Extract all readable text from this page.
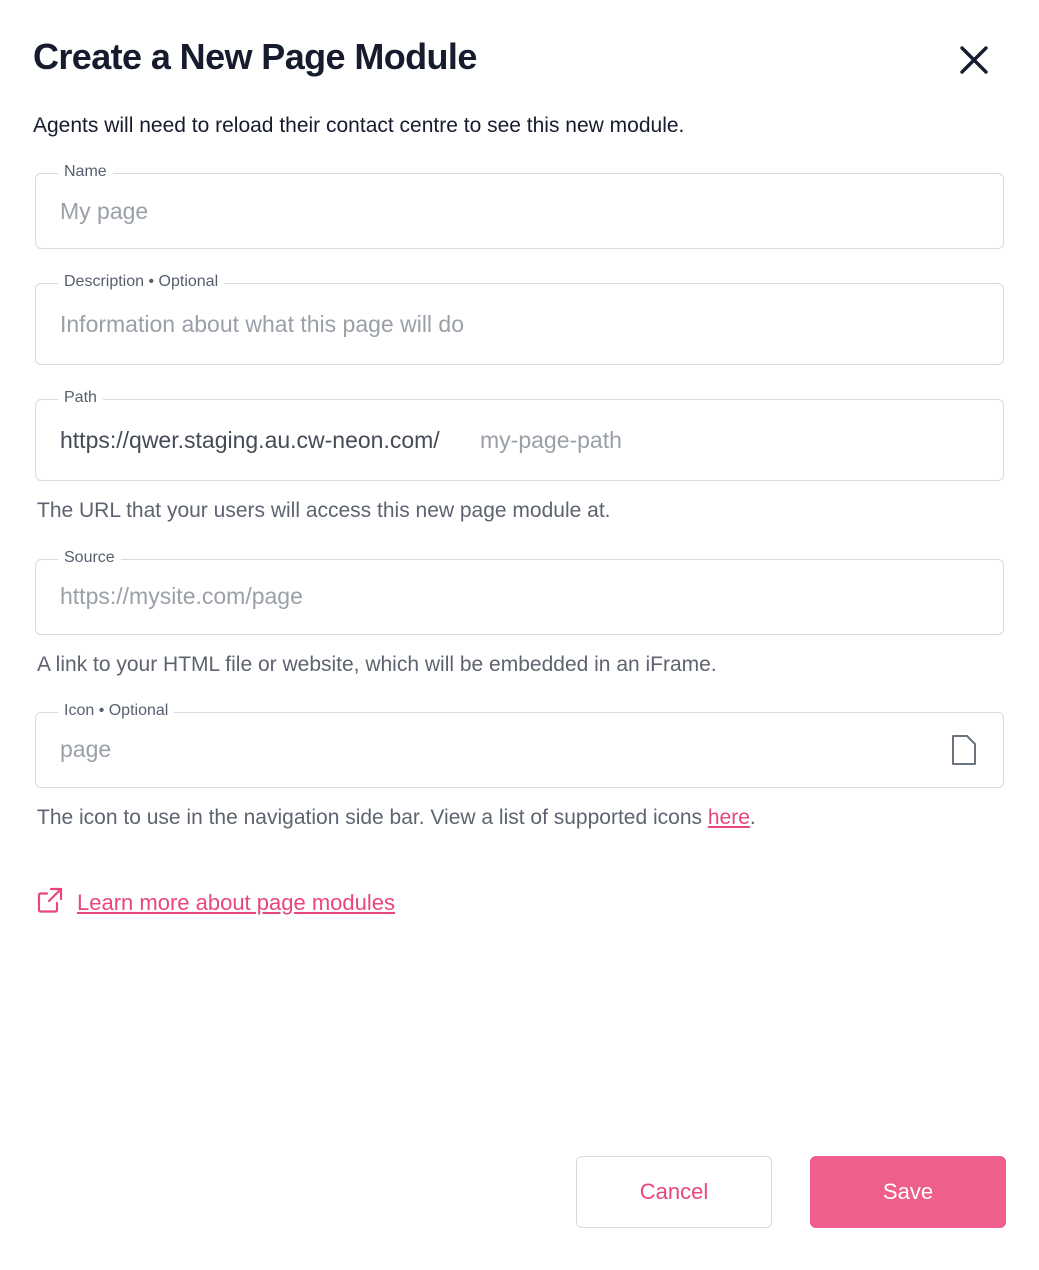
Create a New Page Module

Agents will need to reload their contact centre to see this new module.

Name
My page
Description • Optional
Information about what this page will do
Path
https://qwer.staging.au.cw-neon.com/
my-page-path
The URL that your users will access this new page module at.
Source
https://mysite.com/page
A link to your HTML file or website, which will be embedded in an iFrame.
Icon • Optional
page
The icon to use in the navigation side bar. View a list of supported icons here.
Learn more about page modules
Cancel	Save
